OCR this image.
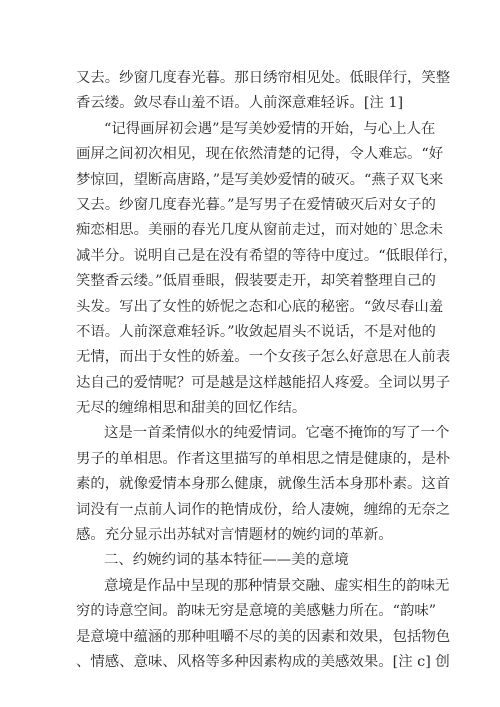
又去。纱窗几度春光暮。那日绣帘相见处。低眼佯行，笑整
香云缕。敛尽春山羞不语。人前深意难轻诉。[注 1]
“记得画屏初会遇”是写美妙爱情的开始，与心上人在
画屏之间初次相见，现在依然清楚的记得，令人难忘。“好
梦惊回，望断高唐路，”是写美妙爱情的破灭。“燕子双飞来
又去。纱窗几度春光暮。”是写男子在爱情破灭后对女子的
痴恋相思。美丽的春光几度从窗前走过，而对她的`思念未
减半分。说明自己是在没有希望的等待中度过。“低眼佯行，
笑整香云缕。”低眉垂眼，假装要走开，却笑着整理自己的
头发。写出了女性的娇怩之态和心底的秘密。“敛尽春山羞
不语。人前深意难轻诉。”收敛起眉头不说话，不是对他的
无情，而出于女性的娇羞。一个女孩子怎么好意思在人前表
达自己的爱情呢？可是越是这样越能招人疼爱。全词以男子
无尽的缠绵相思和甜美的回忆作结。
这是一首柔情似水的纯爱情词。它毫不掩饰的写了一个
男子的单相思。作者这里描写的单相思之情是健康的，是朴
素的，就像爱情本身那么健康，就像生活本身那朴素。这首
词没有一点前人词作的艳情成份，给人凄婉，缠绵的无奈之
感。充分显示出苏轼对言情题材的婉约词的革新。
二、约婉约词的基本特征——美的意境
意境是作品中呈现的那种情景交融、虚实相生的韵味无
穷的诗意空间。韵味无穷是意境的美感魅力所在。“韵味”
是意境中蕴涵的那种咀嚼不尽的美的因素和效果，包括物色
、情感、意味、风格等多种因素构成的美感效果。[注 c] 创
